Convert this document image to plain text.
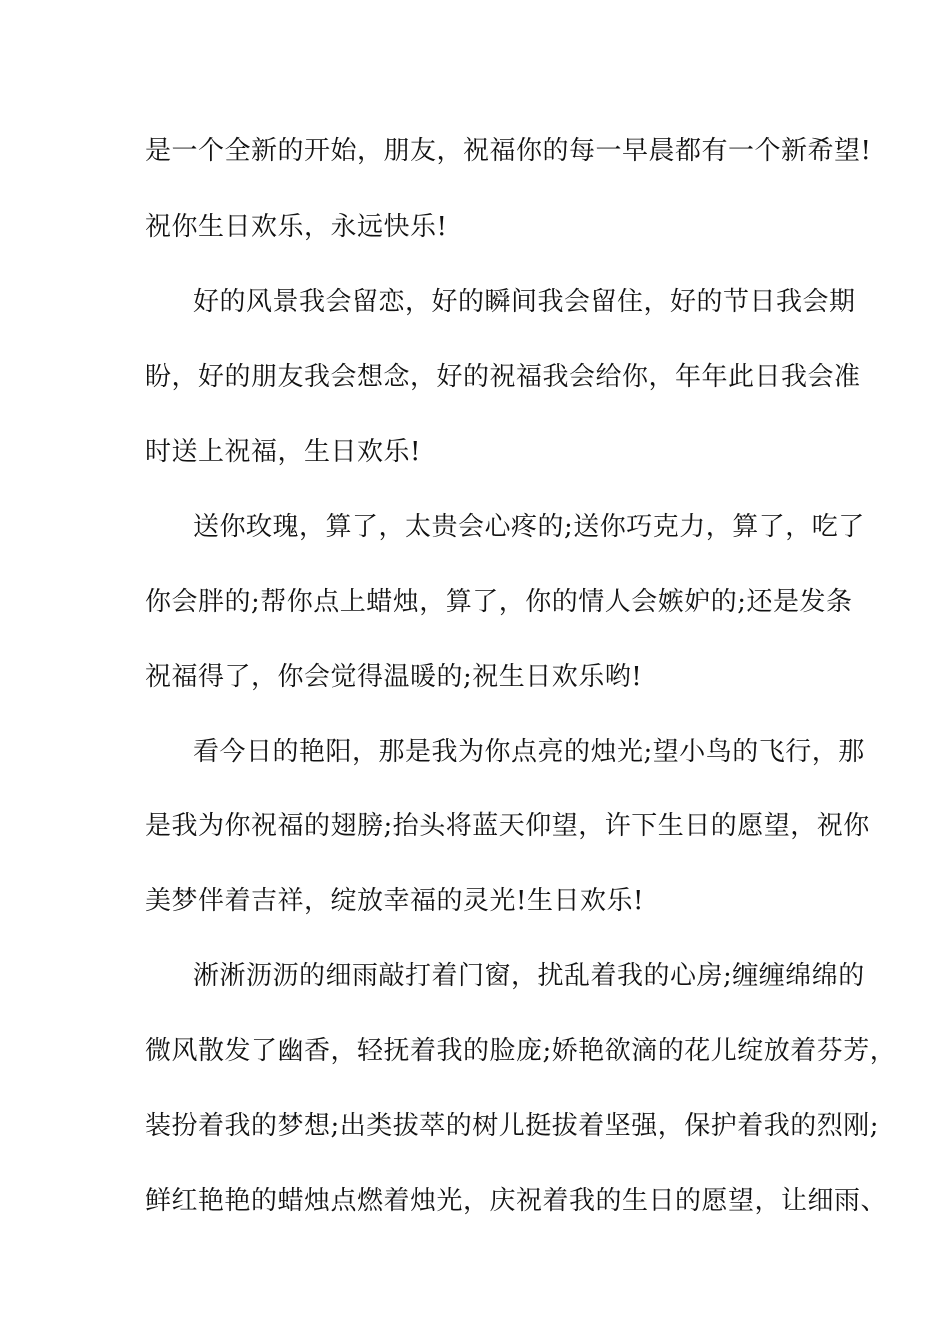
是一个全新的开始，朋友，祝福你的每一早晨都有一个新希望!
祝你生日欢乐，永远快乐!
好的风景我会留恋，好的瞬间我会留住，好的节日我会期
盼，好的朋友我会想念，好的祝福我会给你，年年此日我会准
时送上祝福，生日欢乐!
送你玫瑰，算了，太贵会心疼的;送你巧克力，算了，吃了
你会胖的;帮你点上蜡烛，算了，你的情人会嫉妒的;还是发条
祝福得了，你会觉得温暖的;祝生日欢乐哟!
看今日的艳阳，那是我为你点亮的烛光;望小鸟的飞行，那
是我为你祝福的翅膀;抬头将蓝天仰望，许下生日的愿望，祝你
美梦伴着吉祥，绽放幸福的灵光!生日欢乐!
淅淅沥沥的细雨敲打着门窗，扰乱着我的心房;缠缠绵绵的
微风散发了幽香，轻抚着我的脸庞;娇艳欲滴的花儿绽放着芬芳，
装扮着我的梦想;出类拔萃的树儿挺拔着坚强，保护着我的烈刚;
鲜红艳艳的蜡烛点燃着烛光，庆祝着我的生日的愿望，让细雨、
